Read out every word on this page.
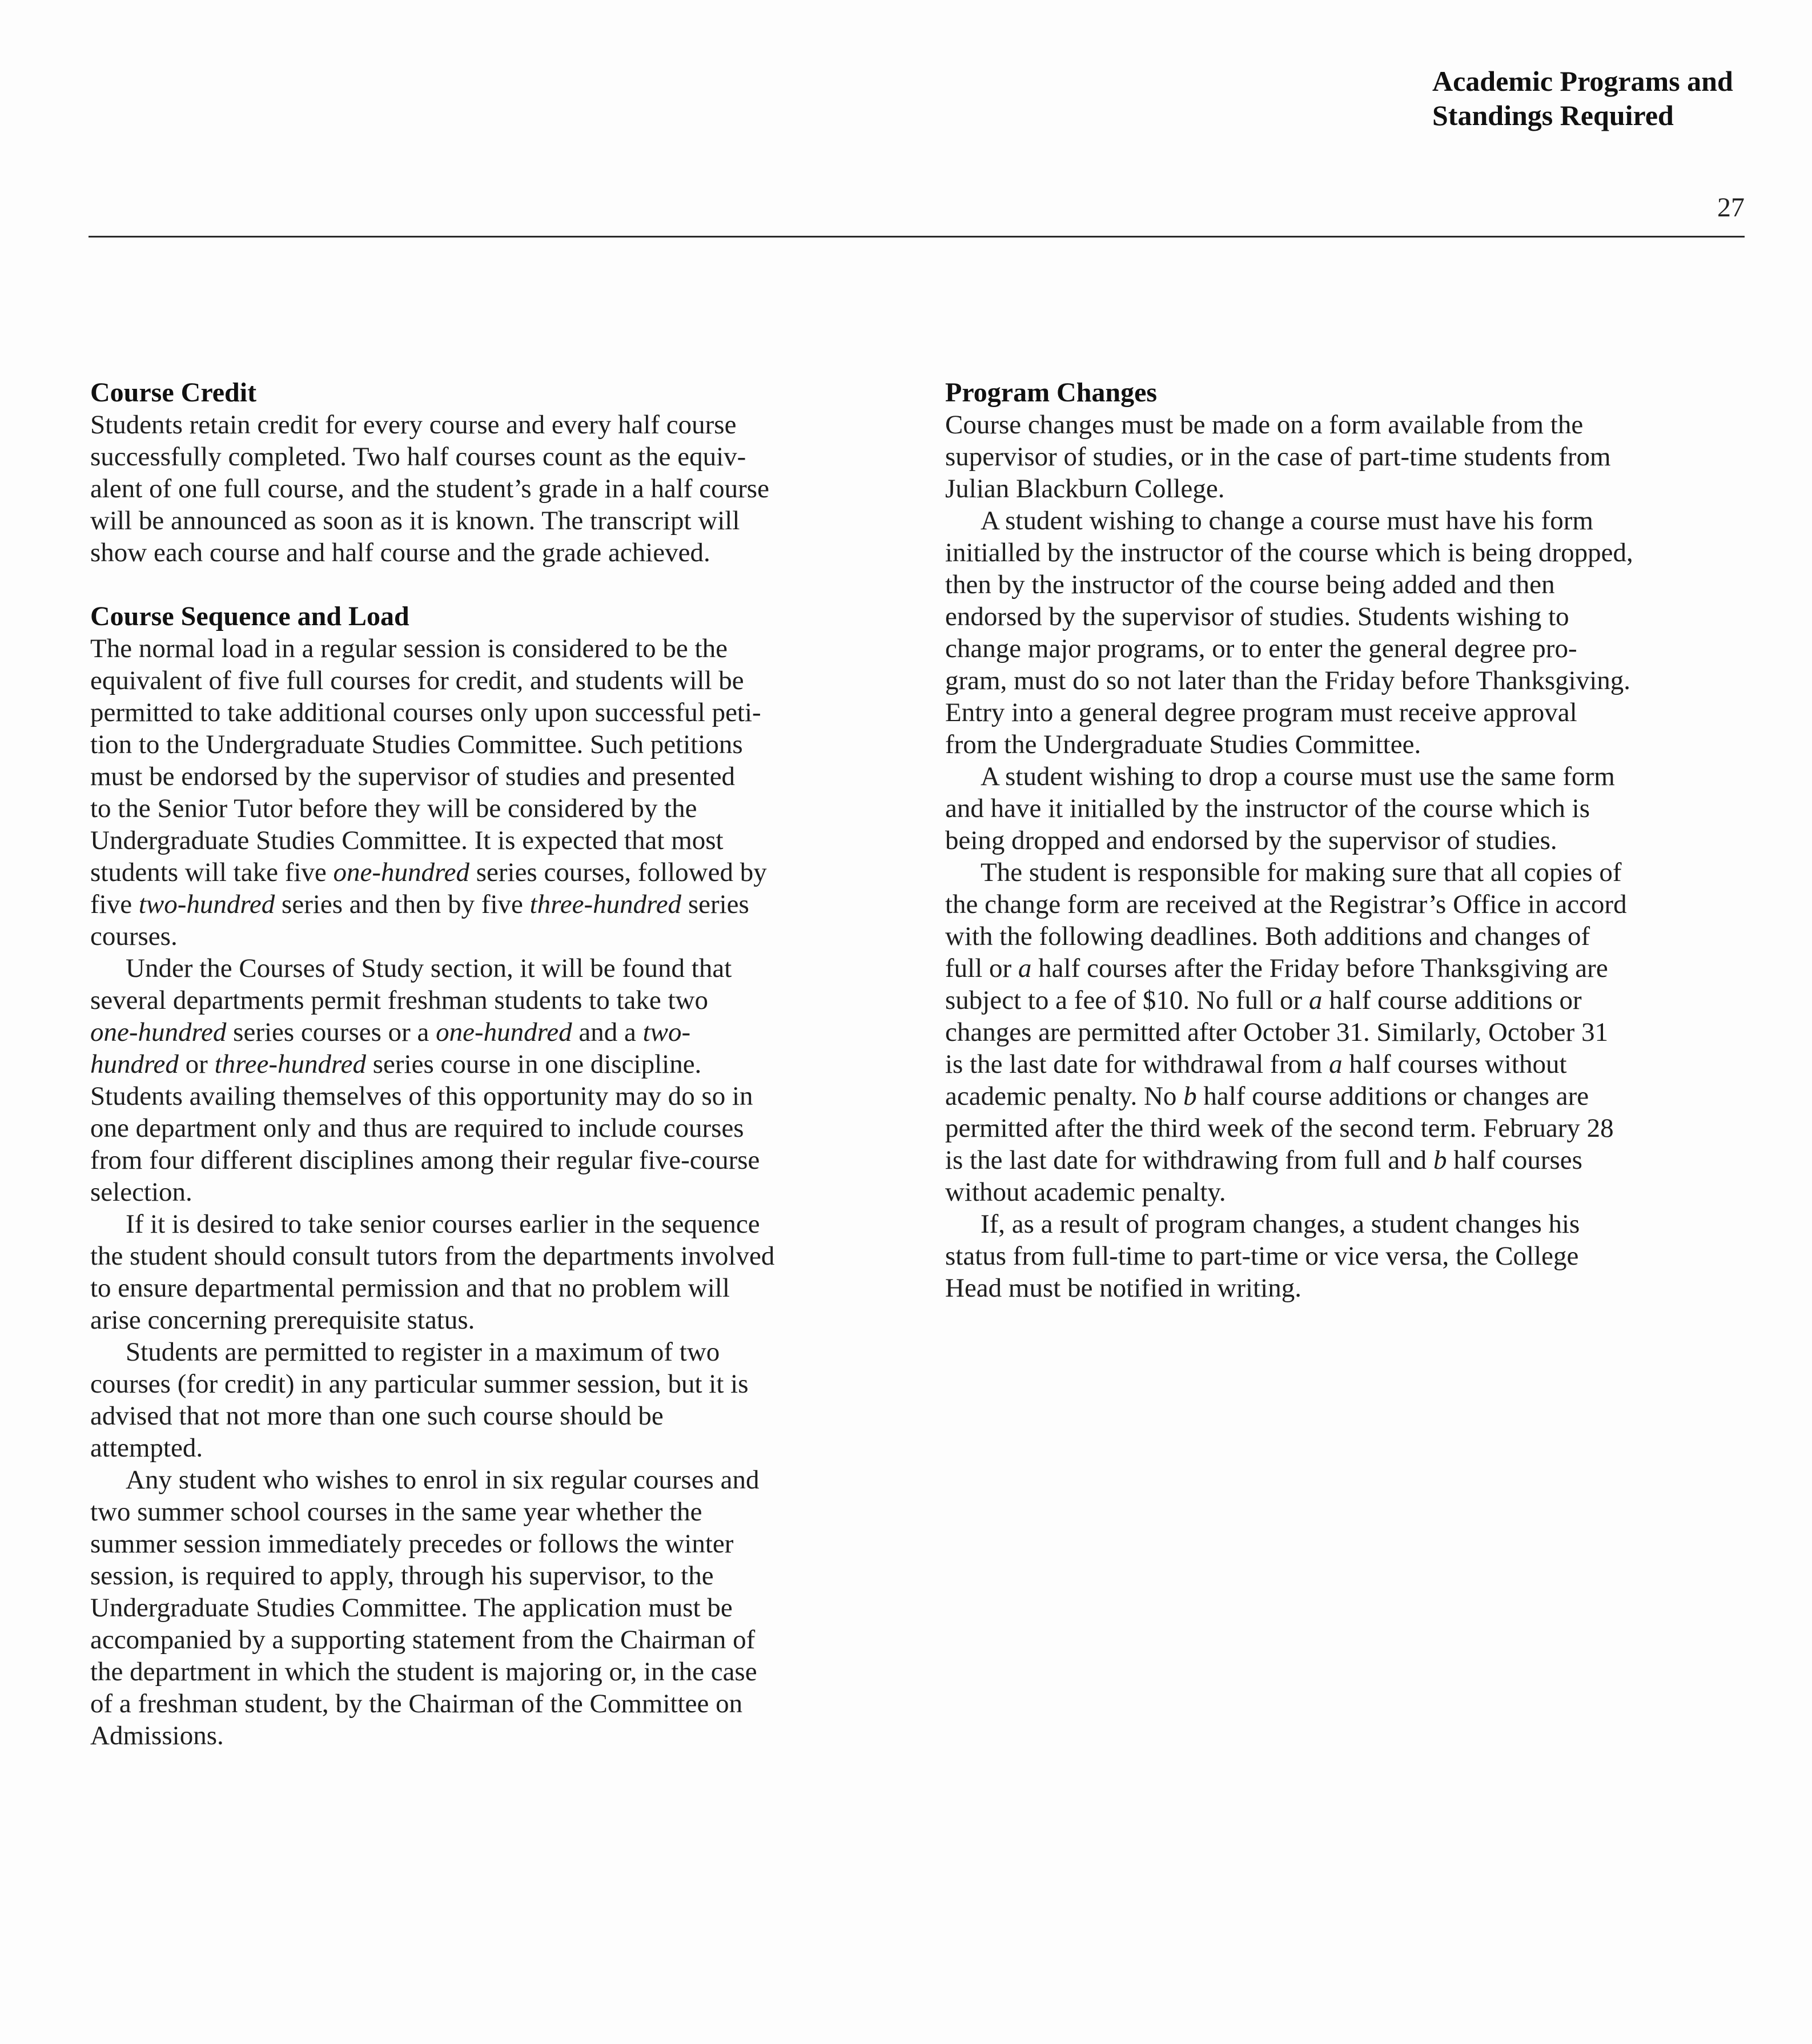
Academic Programs and
Standings Required
27
Course Credit
Students retain credit for every course and every half course
successfully completed. Two half courses count as the equiv-
alent of one full course, and the student’s grade in a half course
will be announced as soon as it is known. The transcript will
show each course and half course and the grade achieved.
Course Sequence and Load
The normal load in a regular session is considered to be the
equivalent of five full courses for credit, and students will be
permitted to take additional courses only upon successful peti-
tion to the Undergraduate Studies Committee. Such petitions
must be endorsed by the supervisor of studies and presented
to the Senior Tutor before they will be considered by the
Undergraduate Studies Committee. It is expected that most
students will take five one-hundred series courses, followed by
five two-hundred series and then by five three-hundred series
courses.
Under the Courses of Study section, it will be found that
several departments permit freshman students to take two
one-hundred series courses or a one-hundred and a two-
hundred or three-hundred series course in one discipline.
Students availing themselves of this opportunity may do so in
one department only and thus are required to include courses
from four different disciplines among their regular five-course
selection.
If it is desired to take senior courses earlier in the sequence
the student should consult tutors from the departments involved
to ensure departmental permission and that no problem will
arise concerning prerequisite status.
Students are permitted to register in a maximum of two
courses (for credit) in any particular summer session, but it is
advised that not more than one such course should be
attempted.
Any student who wishes to enrol in six regular courses and
two summer school courses in the same year whether the
summer session immediately precedes or follows the winter
session, is required to apply, through his supervisor, to the
Undergraduate Studies Committee. The application must be
accompanied by a supporting statement from the Chairman of
the department in which the student is majoring or, in the case
of a freshman student, by the Chairman of the Committee on
Admissions.
Program Changes
Course changes must be made on a form available from the
supervisor of studies, or in the case of part-time students from
Julian Blackburn College.
A student wishing to change a course must have his form
initialled by the instructor of the course which is being dropped,
then by the instructor of the course being added and then
endorsed by the supervisor of studies. Students wishing to
change major programs, or to enter the general degree pro-
gram, must do so not later than the Friday before Thanksgiving.
Entry into a general degree program must receive approval
from the Undergraduate Studies Committee.
A student wishing to drop a course must use the same form
and have it initialled by the instructor of the course which is
being dropped and endorsed by the supervisor of studies.
The student is responsible for making sure that all copies of
the change form are received at the Registrar’s Office in accord
with the following deadlines. Both additions and changes of
full or a half courses after the Friday before Thanksgiving are
subject to a fee of $10. No full or a half course additions or
changes are permitted after October 31. Similarly, October 31
is the last date for withdrawal from a half courses without
academic penalty. No b half course additions or changes are
permitted after the third week of the second term. February 28
is the last date for withdrawing from full and b half courses
without academic penalty.
If, as a result of program changes, a student changes his
status from full-time to part-time or vice versa, the College
Head must be notified in writing.
